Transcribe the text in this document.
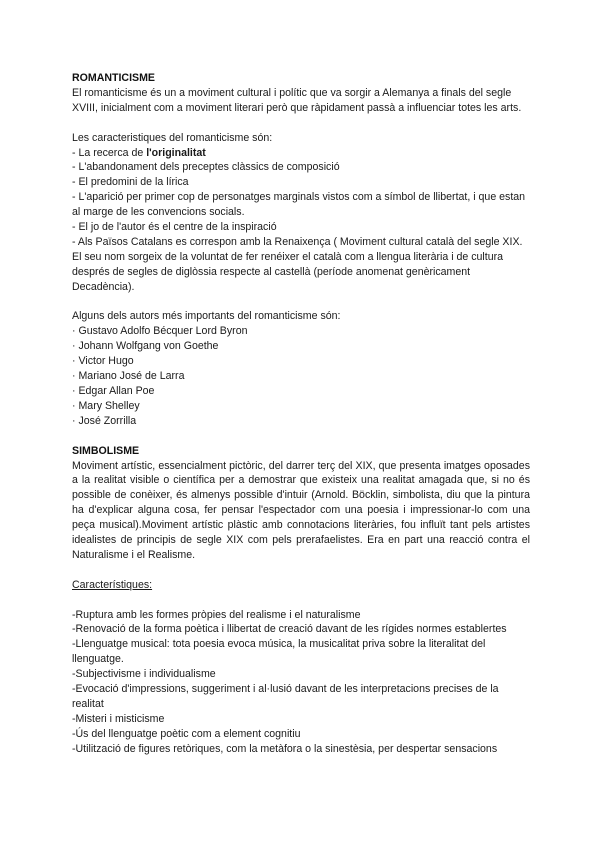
ROMANTICISME

El romanticisme és un a moviment cultural i polític que va sorgir a Alemanya a finals del segle XVIII, inicialment com a moviment literari però que ràpidament passà a influenciar totes les arts.

Les caracteristiques del romanticisme són:

- La recerca de l'originalitat
- L'abandonament dels preceptes clàssics de composició
- El predomini de la lírica
- L'aparició per primer cop de personatges marginals vistos com a símbol de llibertat, i que estan al marge de les convencions socials.
- El jo de l'autor és el centre de la inspiració
- Als Països Catalans es correspon amb la Renaixença ( Moviment cultural català del segle XIX. El seu nom sorgeix de la voluntat de fer renéixer el català com a llengua literària i de cultura després de segles de diglòssia respecte al castellà (període anomenat genèricament Decadència).

Alguns dels autors més importants del romanticisme són:

· Gustavo Adolfo Bécquer Lord Byron
· Johann Wolfgang von Goethe
· Victor Hugo
· Mariano José de Larra
· Edgar Allan Poe
· Mary Shelley
· José Zorrilla
SIMBOLISME

Moviment artístic, essencialment pictòric, del darrer terç del XIX, que presenta imatges oposades a la realitat visible o científica per a demostrar que existeix una realitat amagada que, si no és possible de conèixer, és almenys possible d'intuir (Arnold. Böcklin, simbolista, diu que la pintura ha d'explicar alguna cosa, fer pensar l'espectador com una poesia i impressionar-lo com una peça musical).Moviment artístic plàstic amb connotacions literàries, fou influït tant pels artistes idealistes de principis de segle XIX com pels prerafaelistes. Era en part una reacció contra el Naturalisme i el Realisme.

Característiques:

-Ruptura amb les formes pròpies del realisme i el naturalisme
-Renovació de la forma poètica i llibertat de creació davant de les rígides normes establertes
-Llenguatge musical: tota poesia evoca música, la musicalitat priva sobre la literalitat del llenguatge.
-Subjectivisme i individualisme
-Evocació d'impressions, suggeriment i al·lusió davant de les interpretacions precises de la realitat
-Misteri i misticisme
-Ús del llenguatge poètic com a element cognitiu
-Utilització de figures retòriques, com la metàfora o la sinestèsia, per despertar sensacions
